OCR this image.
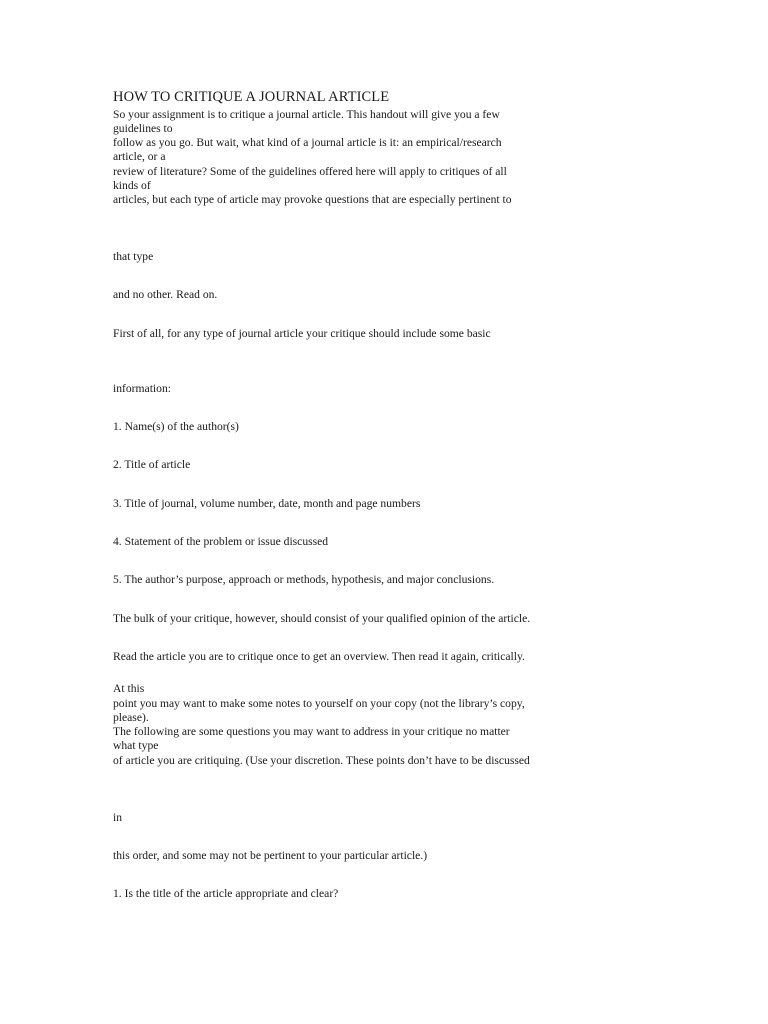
HOW TO CRITIQUE A JOURNAL ARTICLE

So your assignment is to critique a journal article. This handout will give you a few

guidelines to

follow as you go. But wait, what kind of a journal article is it: an empirical/research

article, or a

review of literature? Some of the guidelines offered here will apply to critiques of all

kinds of

articles, but each type of article may provoke questions that are especially pertinent to

that type

and no other. Read on.

First of all, for any type of journal article your critique should include some basic

information:

1. Name(s) of the author(s)

2. Title of article

3. Title of journal, volume number, date, month and page numbers

4. Statement of the problem or issue discussed

5. The author’s purpose, approach or methods, hypothesis, and major conclusions.

The bulk of your critique, however, should consist of your qualified opinion of the article.

Read the article you are to critique once to get an overview. Then read it again, critically.

At this

point you may want to make some notes to yourself on your copy (not the library’s copy,

please).

The following are some questions you may want to address in your critique no matter

what type

of article you are critiquing. (Use your discretion. These points don’t have to be discussed

in

this order, and some may not be pertinent to your particular article.)

1. Is the title of the article appropriate and clear?
